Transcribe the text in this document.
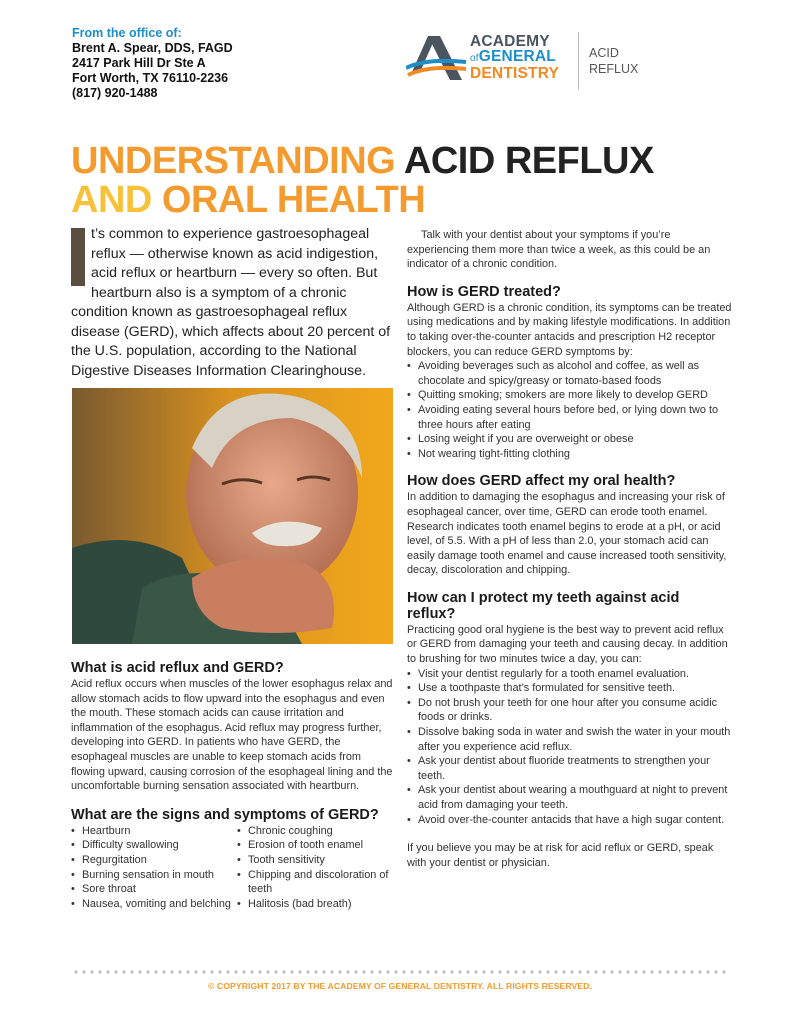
From the office of:
Brent A. Spear, DDS, FAGD
2417 Park Hill Dr Ste A
Fort Worth, TX 76110-2236
(817) 920-1488
ACADEMY
ofGENERAL
DENTISTRY
ACID
REFLUX
UNDERSTANDING ACID REFLUX
AND ORAL HEALTH
t’s common to experience gastroesophageal reflux — otherwise known as acid indigestion, acid reflux or heartburn — every so often. But heartburn also is a symptom of a chronic condition known as gastroesophageal reflux disease (GERD), which affects about 20 percent of the U.S. population, according to the National Digestive Diseases Information Clearinghouse.
What is acid reflux and GERD?

Acid reflux occurs when muscles of the lower esophagus relax and allow stomach acids to flow upward into the esophagus and even the mouth. These stomach acids can cause irritation and inflammation of the esophagus. Acid reflux may progress further, developing into GERD. In patients who have GERD, the esophageal muscles are unable to keep stomach acids from flowing upward, causing corrosion of the esophageal lining and the uncomfortable burning sensation associated with heartburn.

What are the signs and symptoms of GERD?
• Heartburn
• Difficulty swallowing
• Regurgitation
• Burning sensation in mouth
• Sore throat
• Nausea, vomiting and belching
• Chronic coughing
• Erosion of tooth enamel
• Tooth sensitivity
• Chipping and discoloration of teeth
• Halitosis (bad breath)

Talk with your dentist about your symptoms if you’re experiencing them more than twice a week, as this could be an indicator of a chronic condition.

How is GERD treated?

Although GERD is a chronic condition, its symptoms can be treated using medications and by making lifestyle modifications. In addition to taking over-the-counter antacids and prescription H2 receptor blockers, you can reduce GERD symptoms by:

• Avoiding beverages such as alcohol and coffee, as well as chocolate and spicy/greasy or tomato-based foods
• Quitting smoking; smokers are more likely to develop GERD
• Avoiding eating several hours before bed, or lying down two to three hours after eating
• Losing weight if you are overweight or obese
• Not wearing tight-fitting clothing
How does GERD affect my oral health?

In addition to damaging the esophagus and increasing your risk of esophageal cancer, over time, GERD can erode tooth enamel. Research indicates tooth enamel begins to erode at a pH, or acid level, of 5.5. With a pH of less than 2.0, your stomach acid can easily damage tooth enamel and cause increased tooth sensitivity, decay, discoloration and chipping.

How can I protect my teeth against acid reflux?

Practicing good oral hygiene is the best way to prevent acid reflux or GERD from damaging your teeth and causing decay. In addition to brushing for two minutes twice a day, you can:

• Visit your dentist regularly for a tooth enamel evaluation.
• Use a toothpaste that’s formulated for sensitive teeth.
• Do not brush your teeth for one hour after you consume acidic foods or drinks.
• Dissolve baking soda in water and swish the water in your mouth after you experience acid reflux.
• Ask your dentist about fluoride treatments to strengthen your teeth.
• Ask your dentist about wearing a mouthguard at night to prevent acid from damaging your teeth.
• Avoid over-the-counter antacids that have a high sugar content.

If you believe you may be at risk for acid reflux or GERD, speak with your dentist or physician.

© COPYRIGHT 2017 BY THE ACADEMY OF GENERAL DENTISTRY. ALL RIGHTS RESERVED.
